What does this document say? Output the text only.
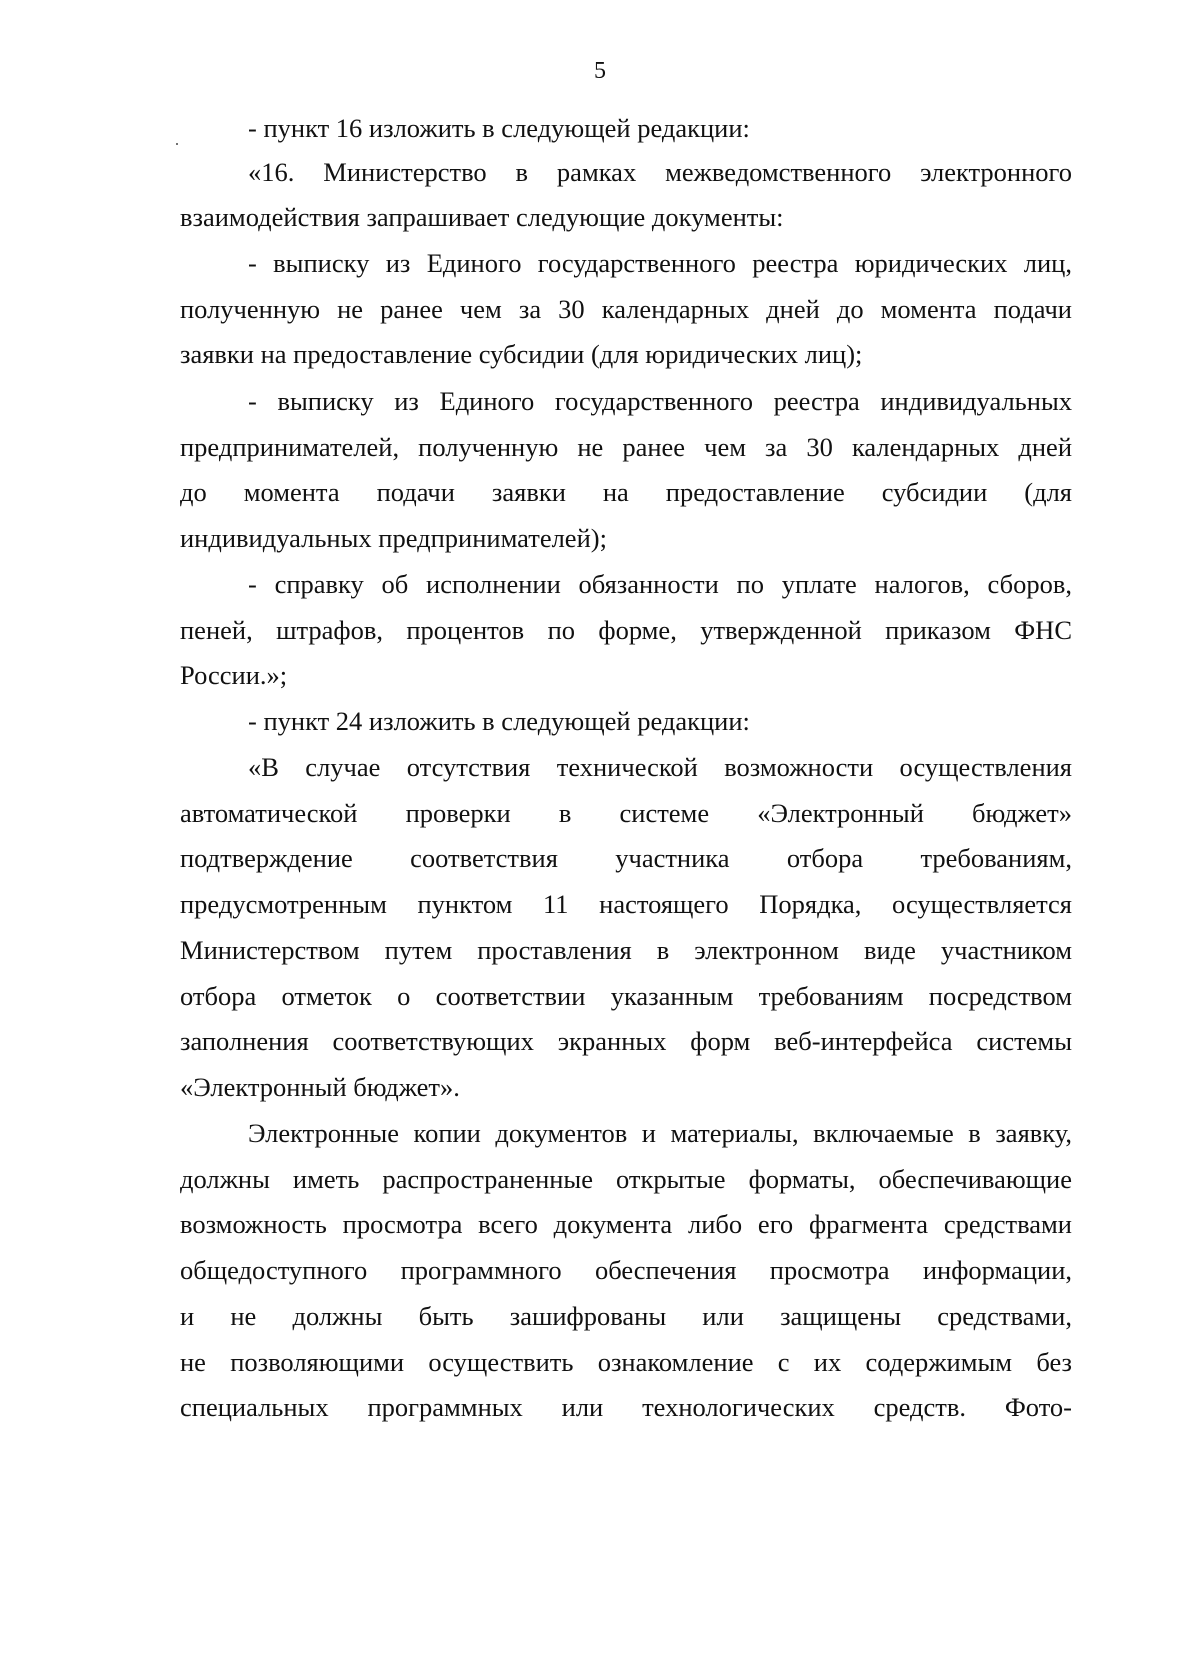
5
- пункт 16 изложить в следующей редакции:
«16. Министерство в рамках межведомственного электронного
взаимодействия запрашивает следующие документы:
- выписку из Единого государственного реестра юридических лиц,
полученную не ранее чем за 30 календарных дней до момента подачи
заявки на предоставление субсидии (для юридических лиц);
- выписку из Единого государственного реестра индивидуальных
предпринимателей, полученную не ранее чем за 30 календарных дней
до момента подачи заявки на предоставление субсидии (для
индивидуальных предпринимателей);
- справку об исполнении обязанности по уплате налогов, сборов,
пеней, штрафов, процентов по форме, утвержденной приказом ФНС
России.»;
- пункт 24 изложить в следующей редакции:
«В случае отсутствия технической возможности осуществления
автоматической проверки в системе «Электронный бюджет»
подтверждение соответствия участника отбора требованиям,
предусмотренным пунктом 11 настоящего Порядка, осуществляется
Министерством путем проставления в электронном виде участником
отбора отметок о соответствии указанным требованиям посредством
заполнения соответствующих экранных форм веб-интерфейса системы
«Электронный бюджет».
Электронные копии документов и материалы, включаемые в заявку,
должны иметь распространенные открытые форматы, обеспечивающие
возможность просмотра всего документа либо его фрагмента средствами
общедоступного программного обеспечения просмотра информации,
и не должны быть зашифрованы или защищены средствами,
не позволяющими осуществить ознакомление с их содержимым без
специальных программных или технологических средств. Фото-
